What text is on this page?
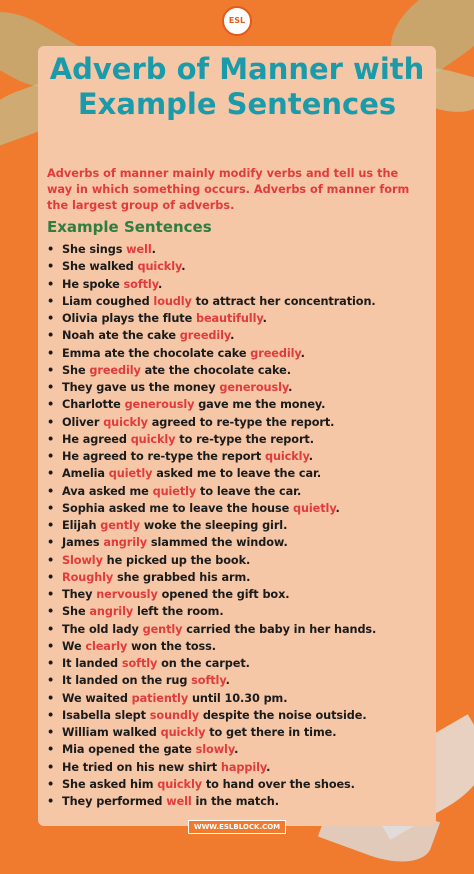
ESL
Adverb of Manner with Example Sentences

Adverbs of manner mainly modify verbs and tell us the way in which something occurs. Adverbs of manner form the largest group of adverbs.

Example Sentences
• She sings well.
• She walked quickly.
• He spoke softly.
• Liam coughed loudly to attract her concentration.
• Olivia plays the flute beautifully.
• Noah ate the cake greedily.
• Emma ate the chocolate cake greedily.
• She greedily ate the chocolate cake.
• They gave us the money generously.
• Charlotte generously gave me the money.
• Oliver quickly agreed to re-type the report.
• He agreed quickly to re-type the report.
• He agreed to re-type the report quickly.
• Amelia quietly asked me to leave the car.
• Ava asked me quietly to leave the car.
• Sophia asked me to leave the house quietly.
• Elijah gently woke the sleeping girl.
• James angrily slammed the window.
• Slowly he picked up the book.
• Roughly she grabbed his arm.
• They nervously opened the gift box.
• She angrily left the room.
• The old lady gently carried the baby in her hands.
• We clearly won the toss.
• It landed softly on the carpet.
• It landed on the rug softly.
• We waited patiently until 10.30 pm.
• Isabella slept soundly despite the noise outside.
• William walked quickly to get there in time.
• Mia opened the gate slowly.
• He tried on his new shirt happily.
• She asked him quickly to hand over the shoes.
• They performed well in the match.
WWW.ESLBLOCK.COM
